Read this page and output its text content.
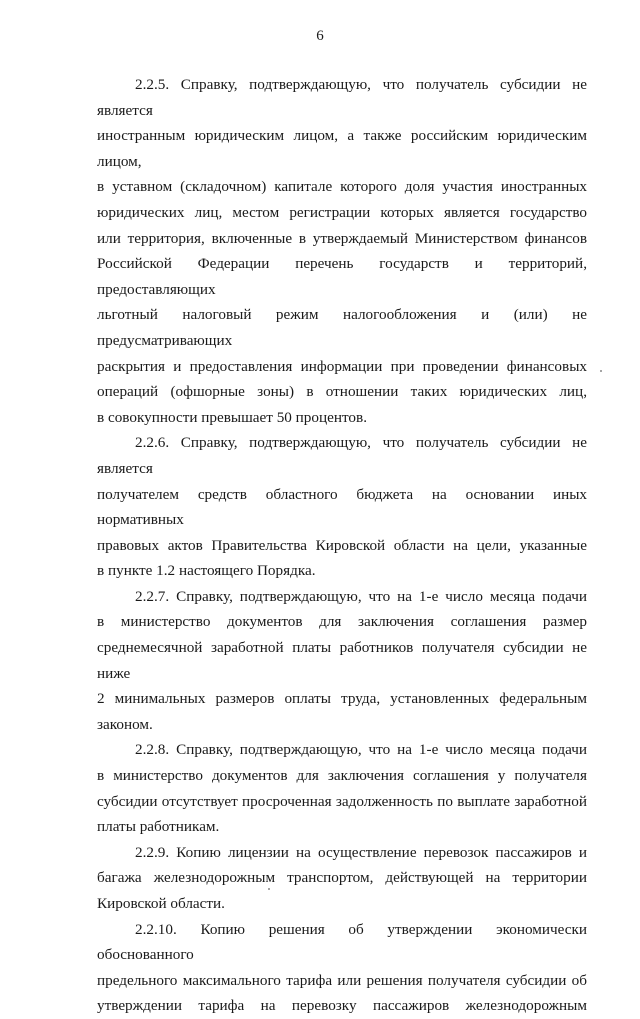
6

2.2.5. Справку, подтверждающую, что получатель субсидии не является
иностранным юридическим лицом, а также российским юридическим лицом,
в уставном (складочном) капитале которого доля участия иностранных
юридических лиц, местом регистрации которых является государство
или территория, включенные в утверждаемый Министерством финансов
Российской Федерации перечень государств и территорий, предоставляющих
льготный налоговый режим налогообложения и (или) не предусматривающих
раскрытия и предоставления информации при проведении финансовых
операций (офшорные зоны) в отношении таких юридических лиц,
в совокупности превышает 50 процентов.

2.2.6. Справку, подтверждающую, что получатель субсидии не является
получателем средств областного бюджета на основании иных нормативных
правовых актов Правительства Кировской области на цели, указанные
в пункте 1.2 настоящего Порядка.

2.2.7. Справку, подтверждающую, что на 1-е число месяца подачи
в министерство документов для заключения соглашения размер
среднемесячной заработной платы работников получателя субсидии не ниже
2 минимальных размеров оплаты труда, установленных федеральным
законом.

2.2.8. Справку, подтверждающую, что на 1-е число месяца подачи
в министерство документов для заключения соглашения у получателя
субсидии отсутствует просроченная задолженность по выплате заработной
платы работникам.

2.2.9. Копию лицензии на осуществление перевозок пассажиров и
багажа железнодорожным транспортом, действующей на территории
Кировской области.

2.2.10. Копию решения об утверждении экономически обоснованного
предельного максимального тарифа или решения получателя субсидии об
утверждении тарифа на перевозку пассажиров железнодорожным
